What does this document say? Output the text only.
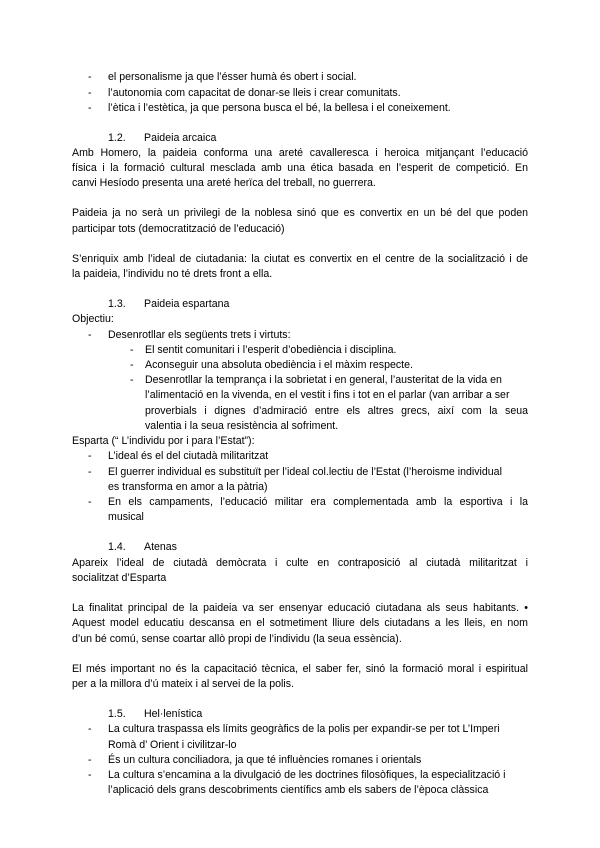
- el personalisme ja que l’ésser humà és obert i social.
- l’autonomia com capacitat de donar-se lleis i crear comunitats.
- l’ètica i l’estètica, ja que persona busca el bé, la bellesa i el coneixement.
1.2. Paideia arcaica
Amb Homero, la paideia conforma una areté cavalleresca i heroica mitjançant l’educació
física i la formació cultural mesclada amb una ética basada en l’esperit de competició. En
canvi Hesíodo presenta una areté herïca del treball, no guerrera.
Paideia ja no serà un privilegi de la noblesa sinó que es convertix en un bé del que poden
participar tots (democratització de l’educació)
S’enriquix amb l’ideal de ciutadania: la ciutat es convertix en el centre de la socialització i de
la paideia, l’individu no té drets front a ella.
1.3. Paideia espartana
Objectiu:
- Desenrotllar els següents trets i virtuts:
- El sentit comunitari i l’esperit d’obediència i disciplina.
- Aconseguir una absoluta obediència i el màxim respecte.
- Desenrotllar la temprança i la sobrietat i en general, l’austeritat de la vida en
l’alimentació en la vivenda, en el vestit i fins i tot en el parlar (van arribar a ser
proverbials i dignes d’admiració entre els altres grecs, així com la seua
valentia i la seua resistència al sofriment.
Esparta (“ L’individu por i para l’Estat”):
- L’ideal és el del ciutadà militaritzat
- El guerrer individual es substituït per l’ideal col.lectiu de l’Estat (l’heroisme individual
es transforma en amor a la pàtria)
- En els campaments, l’educació militar era complementada amb la esportiva i la
musical
1.4. Atenas
Apareix l’ideal de ciutadà demòcrata i culte en contraposició al ciutadà militaritzat i
socialitzat d’Esparta
La finalitat principal de la paideia va ser ensenyar educació ciutadana als seus habitants. •
Aquest model educatiu descansa en el sotmetiment lliure dels ciutadans a les lleis, en nom
d’un bé comú, sense coartar allò propi de l’individu (la seua essència).
El més important no és la capacitació tècnica, el saber fer, sinó la formació moral i espiritual
per a la millora d’ú mateix i al servei de la polis.
1.5. Hel·lenística
- La cultura traspassa els límits geogràfics de la polis per expandir-se per tot L’Imperi
Romà d’ Orient i civilitzar-lo
- És un cultura conciliadora, ja que té influències romanes i orientals
- La cultura s’encamina a la divulgació de les doctrines filosòfiques, la especialització i
l’aplicació dels grans descobriments científics amb els sabers de l’època clàssica
